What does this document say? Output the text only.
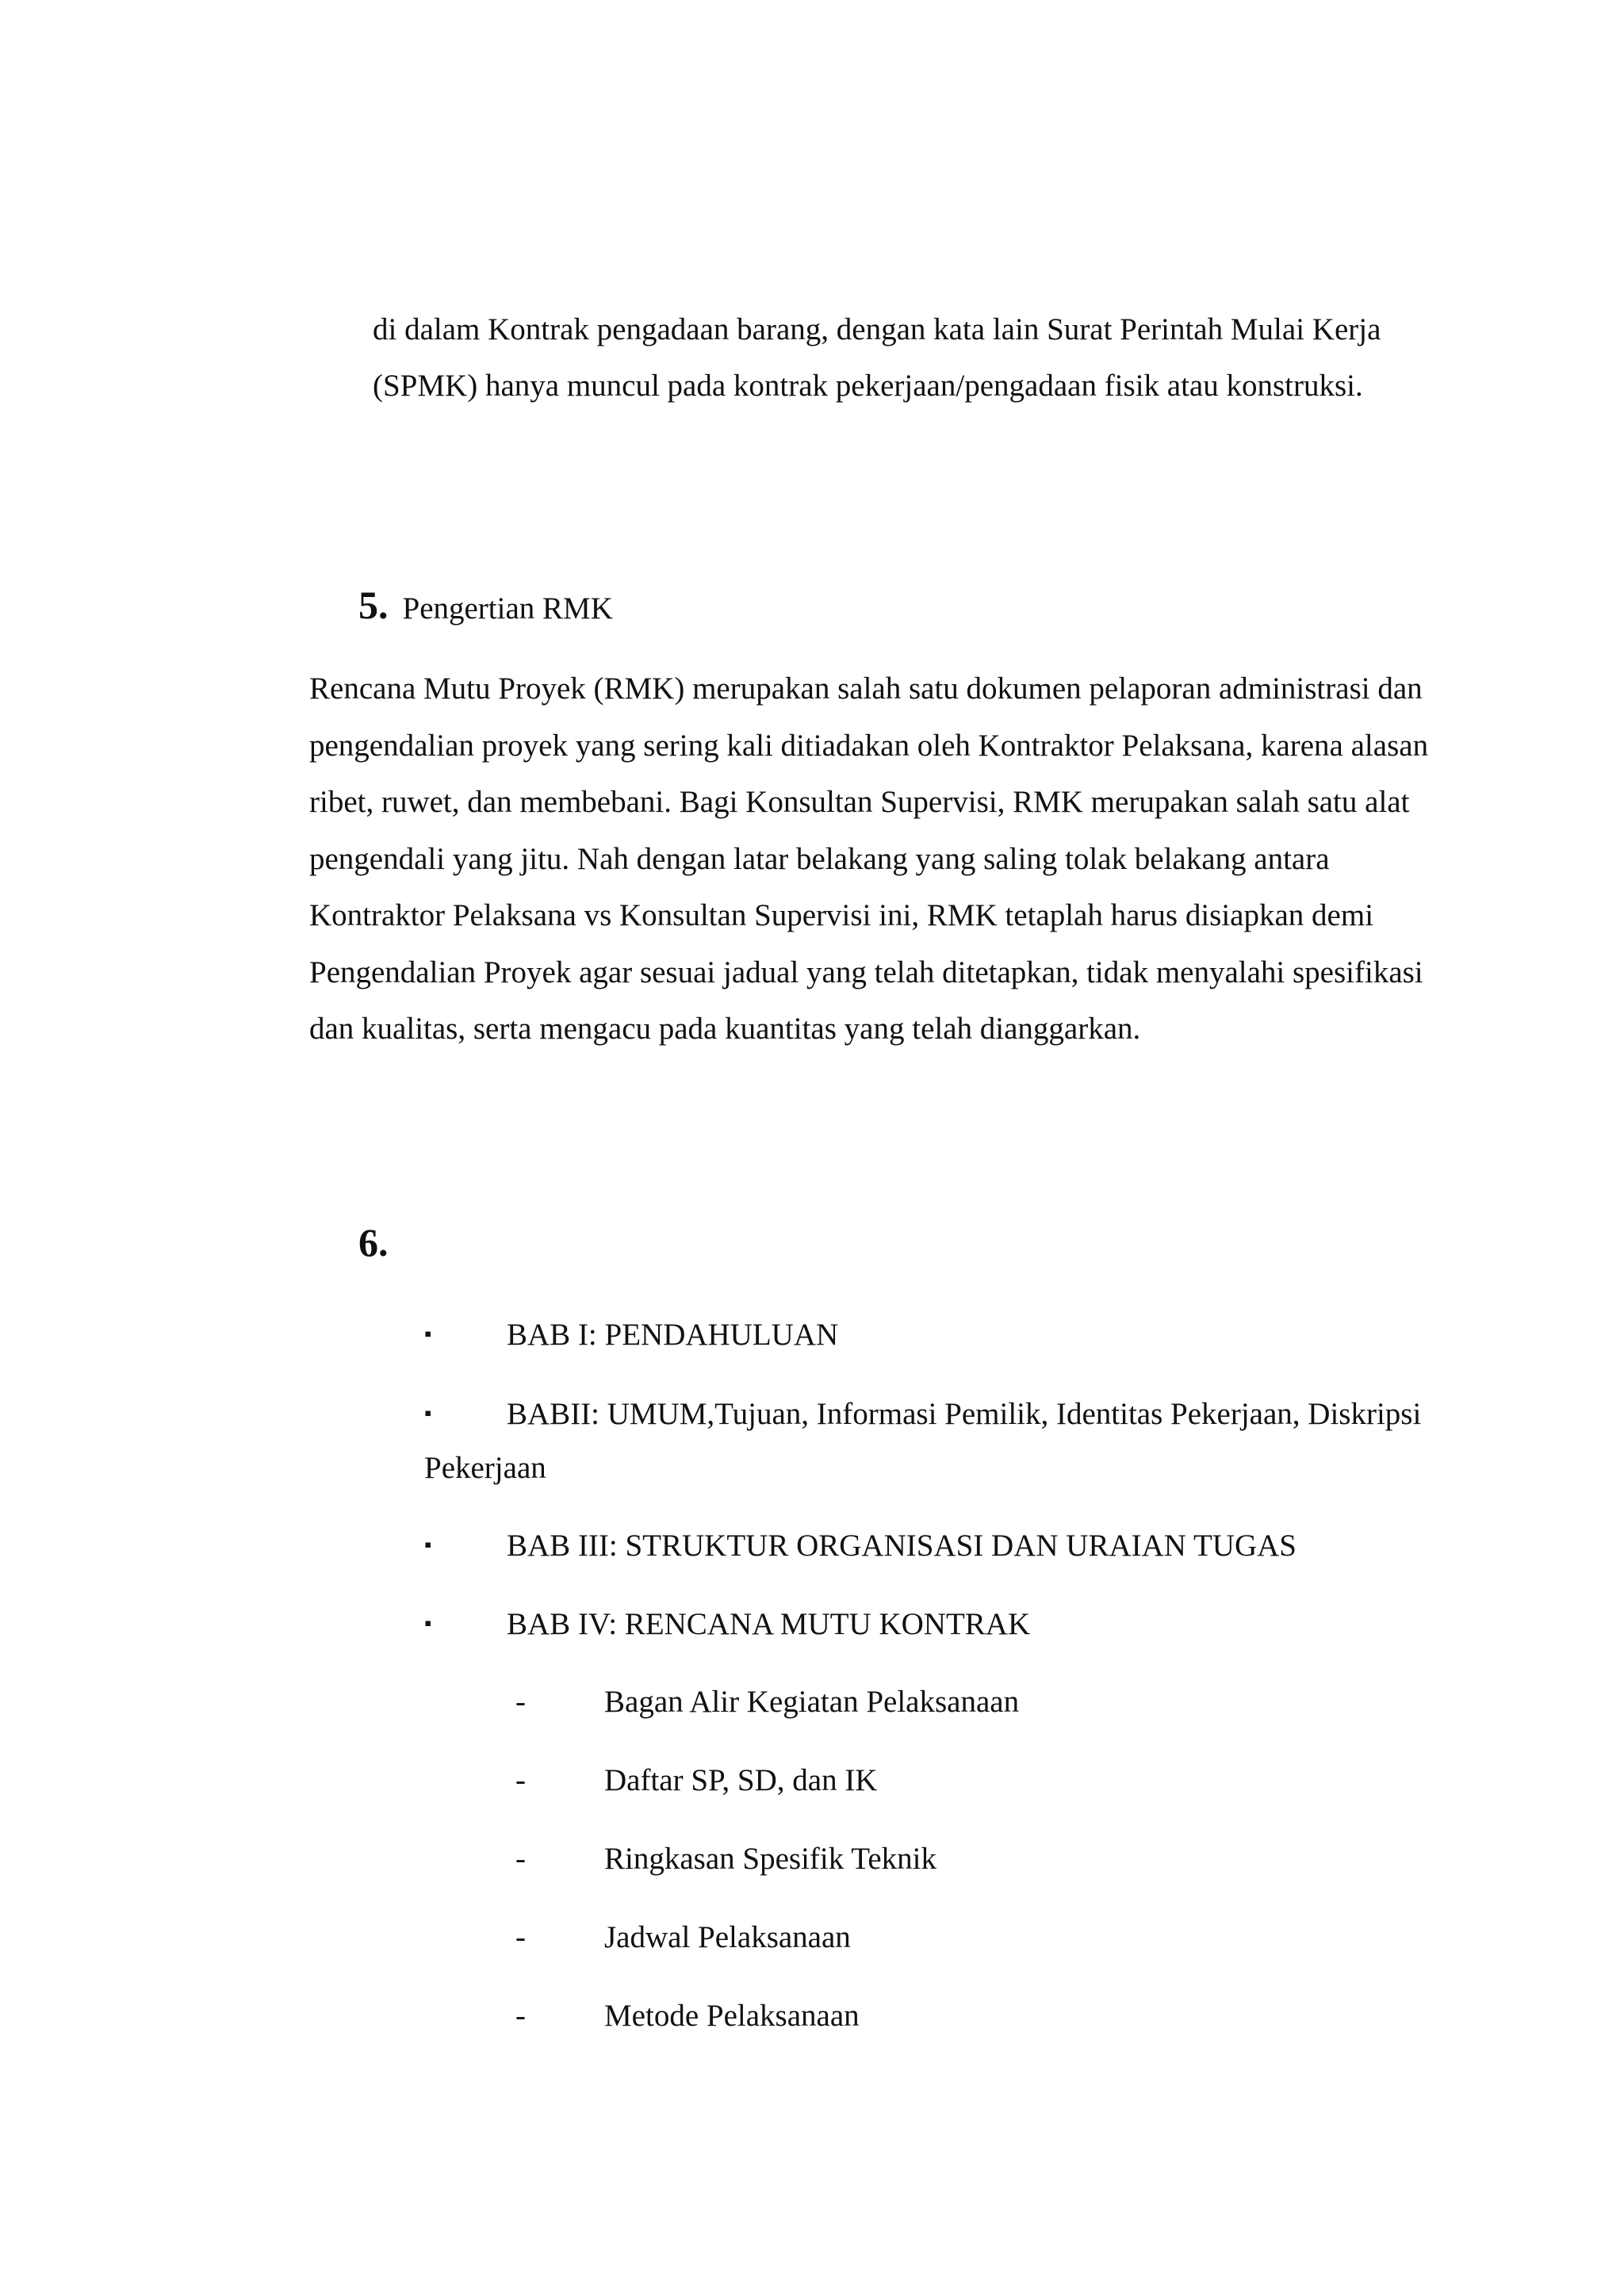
di dalam Kontrak pengadaan barang, dengan kata lain Surat Perintah Mulai Kerja (SPMK) hanya muncul pada kontrak pekerjaan/pengadaan fisik atau konstruksi.

5. Pengertian RMK

Rencana Mutu Proyek (RMK) merupakan salah satu dokumen pelaporan administrasi dan pengendalian proyek yang sering kali ditiadakan oleh Kontraktor Pelaksana, karena alasan ribet, ruwet, dan membebani. Bagi Konsultan Supervisi, RMK merupakan salah satu alat pengendali yang jitu. Nah dengan latar belakang yang saling tolak belakang antara Kontraktor Pelaksana vs Konsultan Supervisi ini, RMK tetaplah harus disiapkan demi Pengendalian Proyek agar sesuai jadual yang telah ditetapkan, tidak menyalahi spesifikasi dan kualitas, serta mengacu pada kuantitas yang telah dianggarkan.

6.
▪ BAB I: PENDAHULUAN
▪ BABII: UMUM,Tujuan, Informasi Pemilik, Identitas Pekerjaan, Diskripsi Pekerjaan
▪ BAB III: STRUKTUR ORGANISASI DAN URAIAN TUGAS
▪ BAB IV: RENCANA MUTU KONTRAK
-	Bagan Alir Kegiatan Pelaksanaan
-	Daftar SP, SD, dan IK
-	Ringkasan Spesifik Teknik
-	Jadwal Pelaksanaan
-	Metode Pelaksanaan
